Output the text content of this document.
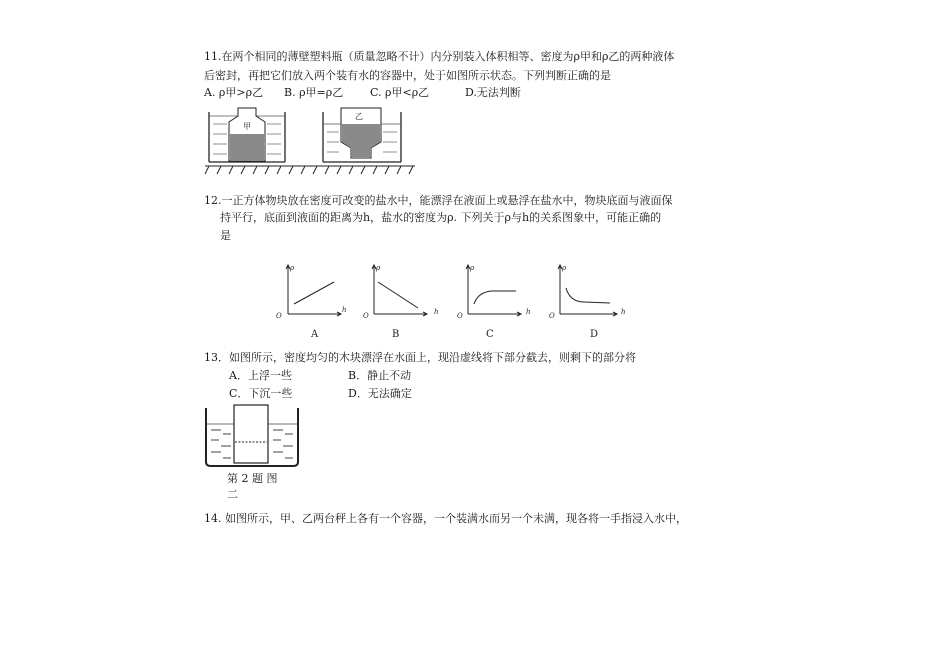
11.在两个相同的薄壁塑料瓶（质量忽略不计）内分别装入体积相等、密度为ρ甲和ρ乙的两种液体
后密封，再把它们放入两个装有水的容器中，处于如图所示状态。下列判断正确的是
A. ρ甲>ρ乙 B. ρ甲=ρ乙 C. ρ甲<ρ乙	D.无法判断
甲
乙
12.一正方体物块放在密度可改变的盐水中，能漂浮在液面上或悬浮在盐水中，物块底面与液面保
持平行，底面到液面的距离为h，盐水的密度为ρ. 下列关于ρ与h的关系图象中，可能正确的
是
O
ρ
h
O
ρ
h	O
ρ
h	O
ρ
h
A	B	C	D
13．如图所示，密度均匀的木块漂浮在水面上，现沿虚线将下部分截去，则剩下的部分将
A．上浮一些	B．静止不动
C．下沉一些	D．无法确定
第 2 题 图
二
14. 如图所示，甲、乙两台秤上各有一个容器，一个装满水而另一个未满，现各将一手指浸入水中，
